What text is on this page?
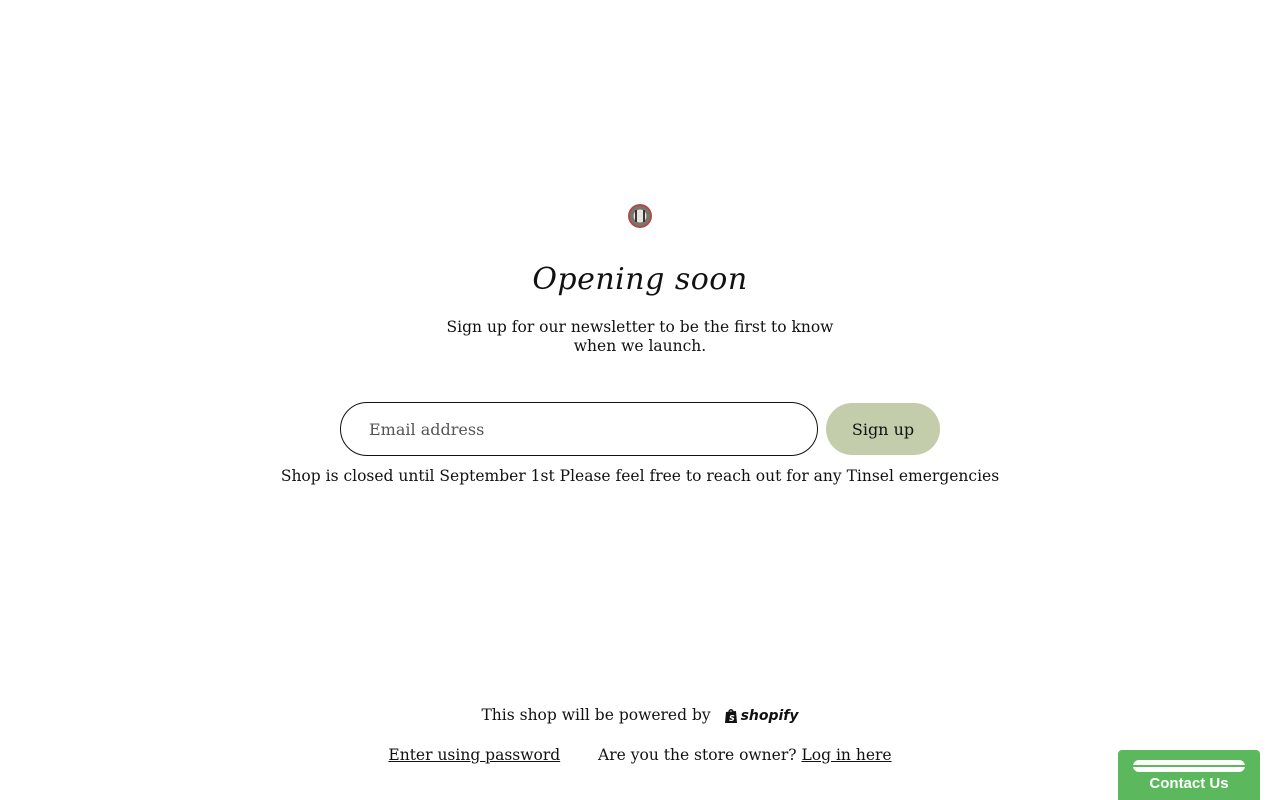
Opening soon
Sign up for our newsletter to be the first to know when we launch.
Email address
Sign up
Shop is closed until September 1st Please feel free to reach out for any Tinsel emergencies
This shop will be powered by S shopify
Enter using password Are you the store owner? Log in here
Contact Us
